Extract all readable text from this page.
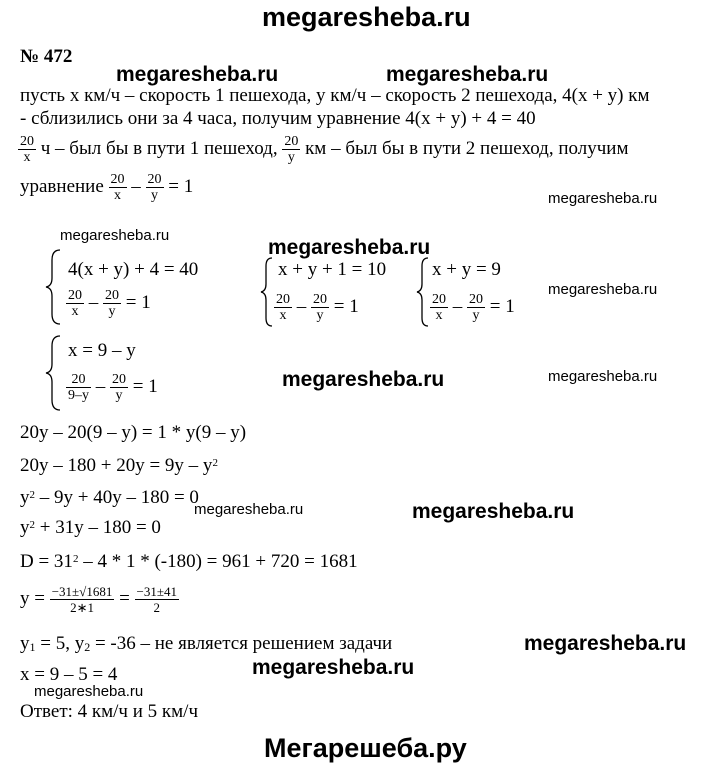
megaresheba.ru
№ 472
megaresheba.ru	megaresheba.ru
megaresheba.ru
megaresheba.ru
megaresheba.ru
megaresheba.ru
megaresheba.ru	megaresheba.ru
megaresheba.ru	megaresheba.ru
megaresheba.ru
megaresheba.ru
megaresheba.ru
пусть х км/ч – скорость 1 пешехода, у км/ч – скорость 2 пешехода, 4(х + у) км
- сблизились они за 4 часа, получим уравнение 4(х + у) + 4 = 40
$\frac{20}{x}$ ч – был бы в пути 1 пешеход, $\frac{20}{y}$ км – был бы в пути 2 пешеход, получим
уравнение $\frac{20}{x} - \frac{20}{y} = 1$
4(x + y) + 4 = 40
$\frac{20}{x} - \frac{20}{y} = 1$
x + y + 1 = 10
$\frac{20}{x} - \frac{20}{y} = 1$
x + y = 9
$\frac{20}{x} - \frac{20}{y} = 1$
x = 9 – y
$\frac{20}{9-y} - \frac{20}{y} = 1$
20y – 20(9 – y) = 1 * y(9 – y)
$20y - 180 + 20y = 9y - y^2$
$y^2 - 9y + 40y - 180 = 0$
$y^2 + 31y - 180 = 0$
$D = 31^2 - 4 * 1 * (-180) = 961 + 720 = 1681$
$y = \frac{-31\pm√1681}{2∗1} = \frac{-31\pm 41}{2}$
$y_1 = 5$, $y_2 = -36$ – не является решением задачи
x = 9 – 5 = 4
Ответ: 4 км/ч и 5 км/ч
Мегарешеба.ру
